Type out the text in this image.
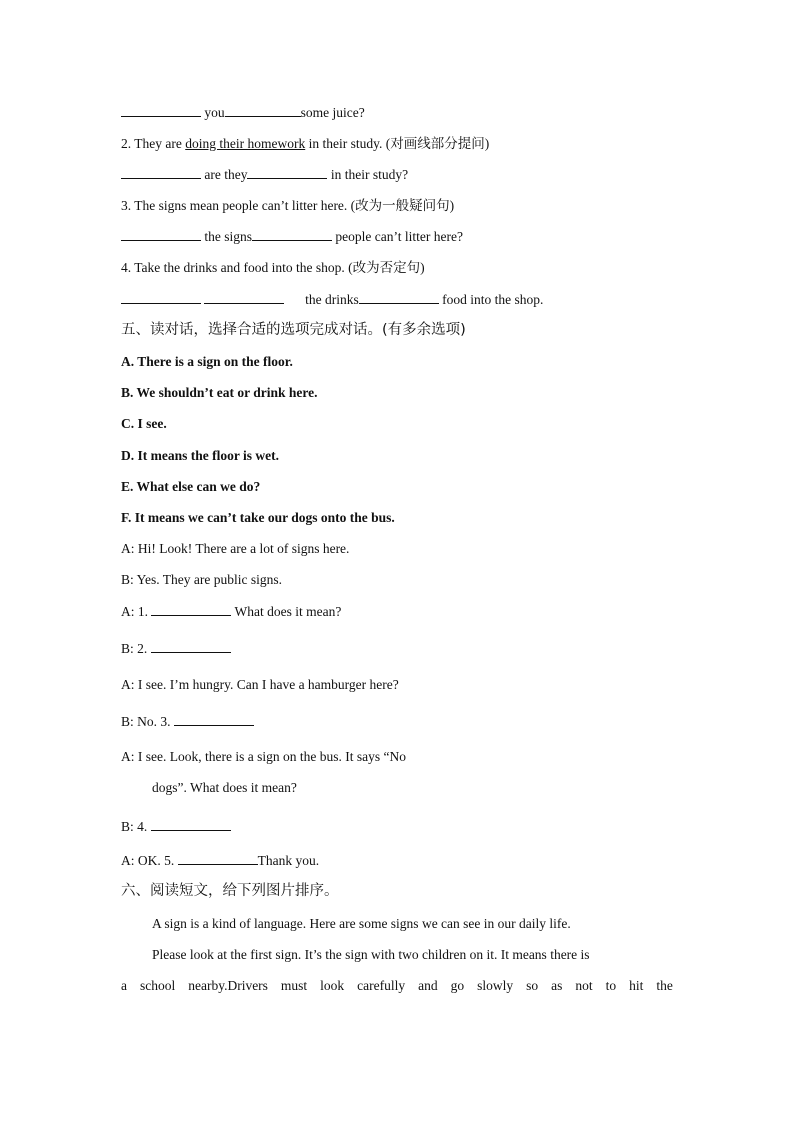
you	some juice?
2. They are doing their homework in their study. (对画线部分提问)
are they	in their study?
3. The signs mean people can’t litter here. (改为一般疑问句)
the signs	people can’t litter here?
4. Take the drinks and food into the shop. (改为否定句)
the drinks	food into the shop.
五、读对话，选择合适的选项完成对话。(有多余选项)
A. There is a sign on the floor.
B. We shouldn’t eat or drink here.
C. I see.
D. It means the floor is wet.
E. What else can we do?
F. It means we can’t take our dogs onto the bus.
A: Hi! Look! There are a lot of signs here.
B: Yes. They are public signs.
A: 1.	What does it mean?
B: 2.
A: I see. I’m hungry. Can I have a hamburger here?
B: No. 3.
A: I see. Look, there is a sign on the bus. It says “No
dogs”. What does it mean?
B: 4.
A: OK. 5.	Thank you.
六、阅读短文，给下列图片排序。
A sign is a kind of language. Here are some signs we can see in our daily life.
Please look at the first sign. It’s the sign with two children on it. It means there is
a school nearby.Drivers must look carefully and go slowly so as not to hit the
